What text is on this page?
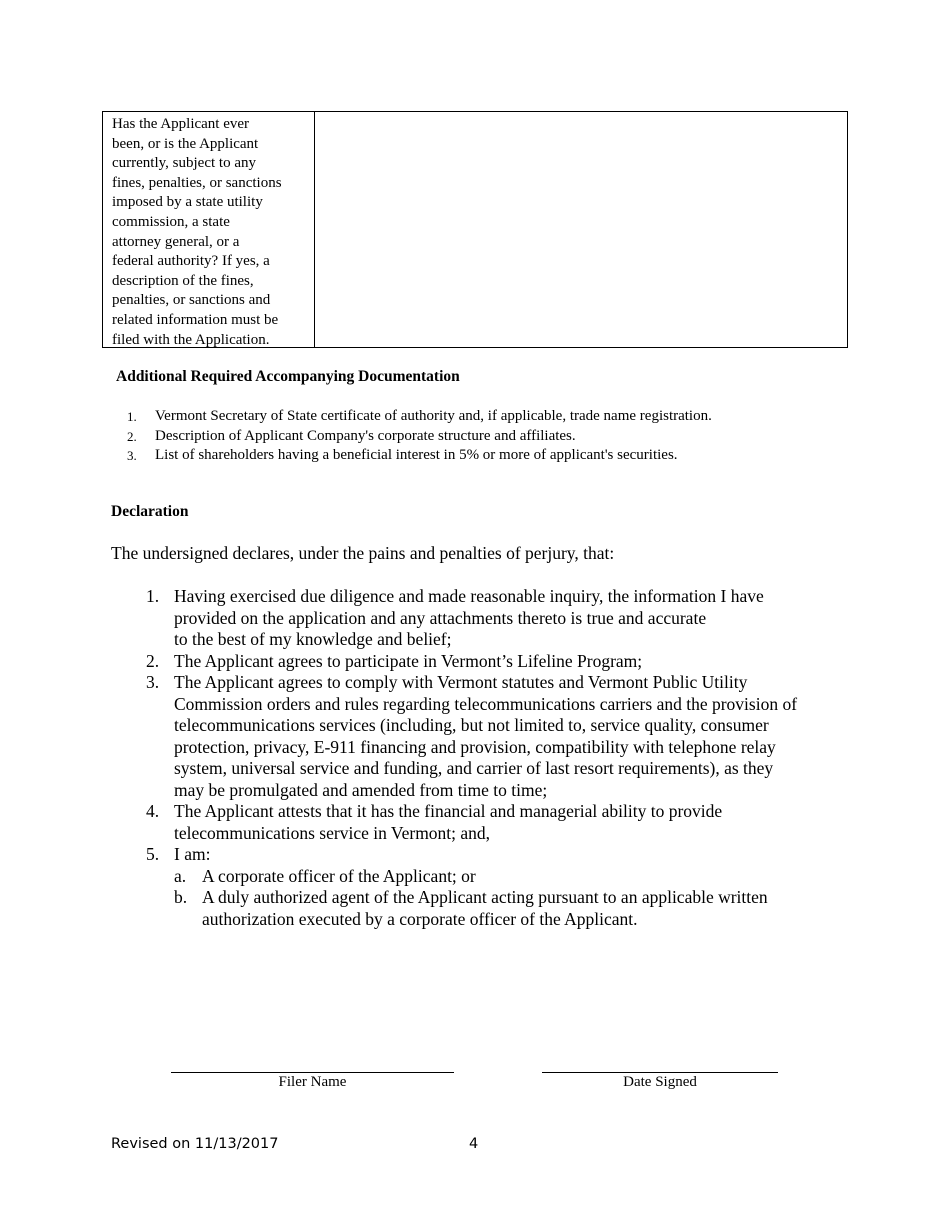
Has the Applicant ever
been, or is the Applicant
currently, subject to any
fines, penalties, or sanctions
imposed by a state utility
commission, a state
attorney general, or a
federal authority? If yes, a
description of the fines,
penalties, or sanctions and
related information must be
filed with the Application.
Additional Required Accompanying Documentation
1.	Vermont Secretary of State certificate of authority and, if applicable, trade name registration.
2.	Description of Applicant Company's corporate structure and affiliates.
3.	List of shareholders having a beneficial interest in 5% or more of applicant's securities.
Declaration

The undersigned declares, under the pains and penalties of perjury, that:

1. Having exercised due diligence and made reasonable inquiry, the information I have
provided on the application and any attachments thereto is true and accurate
to the best of my knowledge and belief;
2. The Applicant agrees to participate in Vermont’s Lifeline Program;
3. The Applicant agrees to comply with Vermont statutes and Vermont Public Utility
Commission orders and rules regarding telecommunications carriers and the provision of
telecommunications services (including, but not limited to, service quality, consumer
protection, privacy, E-911 financing and provision, compatibility with telephone relay
system, universal service and funding, and carrier of last resort requirements), as they
may be promulgated and amended from time to time;
4. The Applicant attests that it has the financial and managerial ability to provide
telecommunications service in Vermont; and,
5. I am:
a. A corporate officer of the Applicant; or
b. A duly authorized agent of the Applicant acting pursuant to an applicable written
authorization executed by a corporate officer of the Applicant.
Filer Name	Date Signed
Revised on 11/13/2017	4
